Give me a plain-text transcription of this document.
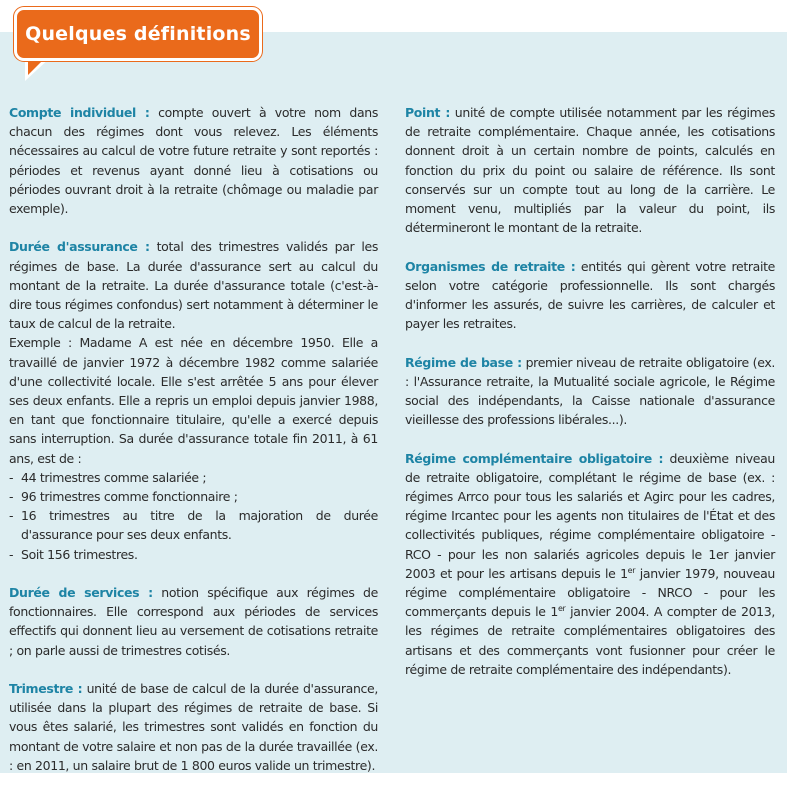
Quelques définitions
Compte individuel : compte ouvert à votre nom dans chacun des régimes dont vous relevez. Les éléments nécessaires au calcul de votre future retraite y sont reportés : périodes et revenus ayant donné lieu à cotisations ou périodes ouvrant droit à la retraite (chômage ou maladie par exemple).

Durée d'assurance : total des trimestres validés par les régimes de base. La durée d'assurance sert au calcul du montant de la retraite. La durée d'assurance totale (c'est-à-dire tous régimes confondus) sert notamment à déterminer le taux de calcul de la retraite.

Exemple : Madame A est née en décembre 1950. Elle a travaillé de janvier 1972 à décembre 1982 comme salariée d'une collectivité locale. Elle s'est arrêtée 5 ans pour élever ses deux enfants. Elle a repris un emploi depuis janvier 1988, en tant que fonctionnaire titulaire, qu'elle a exercé depuis sans interruption. Sa durée d'assurance totale fin 2011, à 61 ans, est de :

- 44 trimestres comme salariée ;
- 96 trimestres comme fonctionnaire ;
- 16 trimestres au titre de la majoration de durée d'assurance pour ses deux enfants.
- Soit 156 trimestres.
Durée de services : notion spécifique aux régimes de fonctionnaires. Elle correspond aux périodes de services effectifs qui donnent lieu au versement de cotisations retraite ; on parle aussi de trimestres cotisés.
Trimestre : unité de base de calcul de la durée d'assurance, utilisée dans la plupart des régimes de retraite de base. Si vous êtes salarié, les trimestres sont validés en fonction du montant de votre salaire et non pas de la durée travaillée (ex. : en 2011, un salaire brut de 1 800 euros valide un trimestre).
Point : unité de compte utilisée notamment par les régimes de retraite complémentaire. Chaque année, les cotisations donnent droit à un certain nombre de points, calculés en fonction du prix du point ou salaire de référence. Ils sont conservés sur un compte tout au long de la carrière. Le moment venu, multipliés par la valeur du point, ils détermineront le montant de la retraite.
Organismes de retraite : entités qui gèrent votre retraite selon votre catégorie professionnelle. Ils sont chargés d'informer les assurés, de suivre les carrières, de calculer et payer les retraites.
Régime de base : premier niveau de retraite obligatoire (ex. : l'Assurance retraite, la Mutualité sociale agricole, le Régime social des indépendants, la Caisse nationale d'assurance vieillesse des professions libérales...).
Régime complémentaire obligatoire : deuxième niveau de retraite obligatoire, complétant le régime de base (ex. : régimes Arrco pour tous les salariés et Agirc pour les cadres, régime Ircantec pour les agents non titulaires de l'État et des collectivités publiques, régime complémentaire obligatoire - RCO - pour les non salariés agricoles depuis le 1er janvier 2003 et pour les artisans depuis le 1er janvier 1979, nouveau régime complémentaire obligatoire - NRCO - pour les commerçants depuis le 1er janvier 2004. A compter de 2013, les régimes de retraite complémentaires obligatoires des artisans et des commerçants vont fusionner pour créer le régime de retraite complémentaire des indépendants).
